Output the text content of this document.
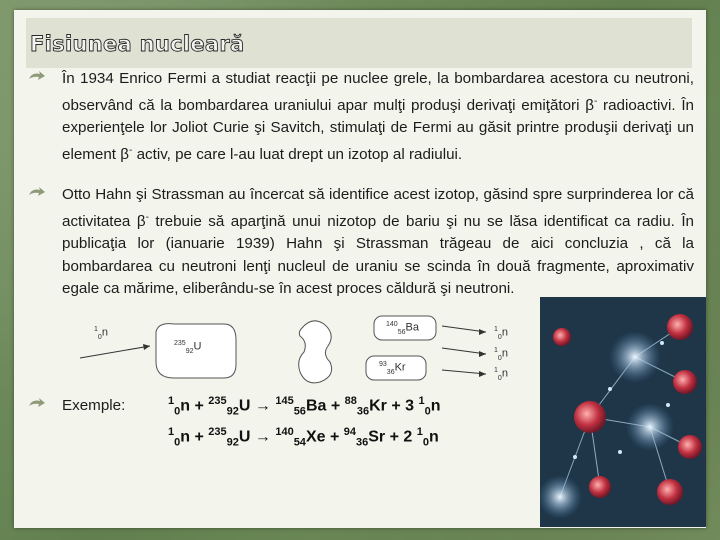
Fisiunea nucleară
În 1934 Enrico Fermi a studiat reacţii pe nuclee grele, la bombardarea acestora cu neutroni, observând că la bombardarea uraniului apar mulţi produşi derivaţi emiţători β- radioactivi. În experienţele lor Joliot Curie şi Savitch, stimulaţi de Fermi au găsit printre produşii derivaţi un element β- activ, pe care l-au luat drept un izotop al radiului.
Otto Hahn şi Strassman au încercat să identifice acest izotop, găsind spre surprinderea lor că activitatea β- trebuie să aparţină unui nizotop de bariu şi nu se lăsa identificat ca radiu. În publicaţia lor (ianuarie 1939) Hahn şi Strassman trăgeau de aici concluzia , că la bombardarea cu neutroni lenţi nucleul de uraniu se scinda în două fragmente, aproximativ egale ca mărime, eliberându-se în acest proces căldură şi neutroni.
$^1_0$n
$^{235}_{92}$U
$^{140}_{56}$Ba
$^{93}_{36}$Kr
$^1_0$n
$^1_0$n
$^1_0$n
Exemple:	$^1_0$n + $^{235}_{92}$U → $^{145}_{56}$Ba + $^{88}_{36}$Kr + 3 $^1_0$n
$^1_0$n + $^{235}_{92}$U → $^{140}_{54}$Xe + $^{94}_{36}$Sr + 2 $^1_0$n
